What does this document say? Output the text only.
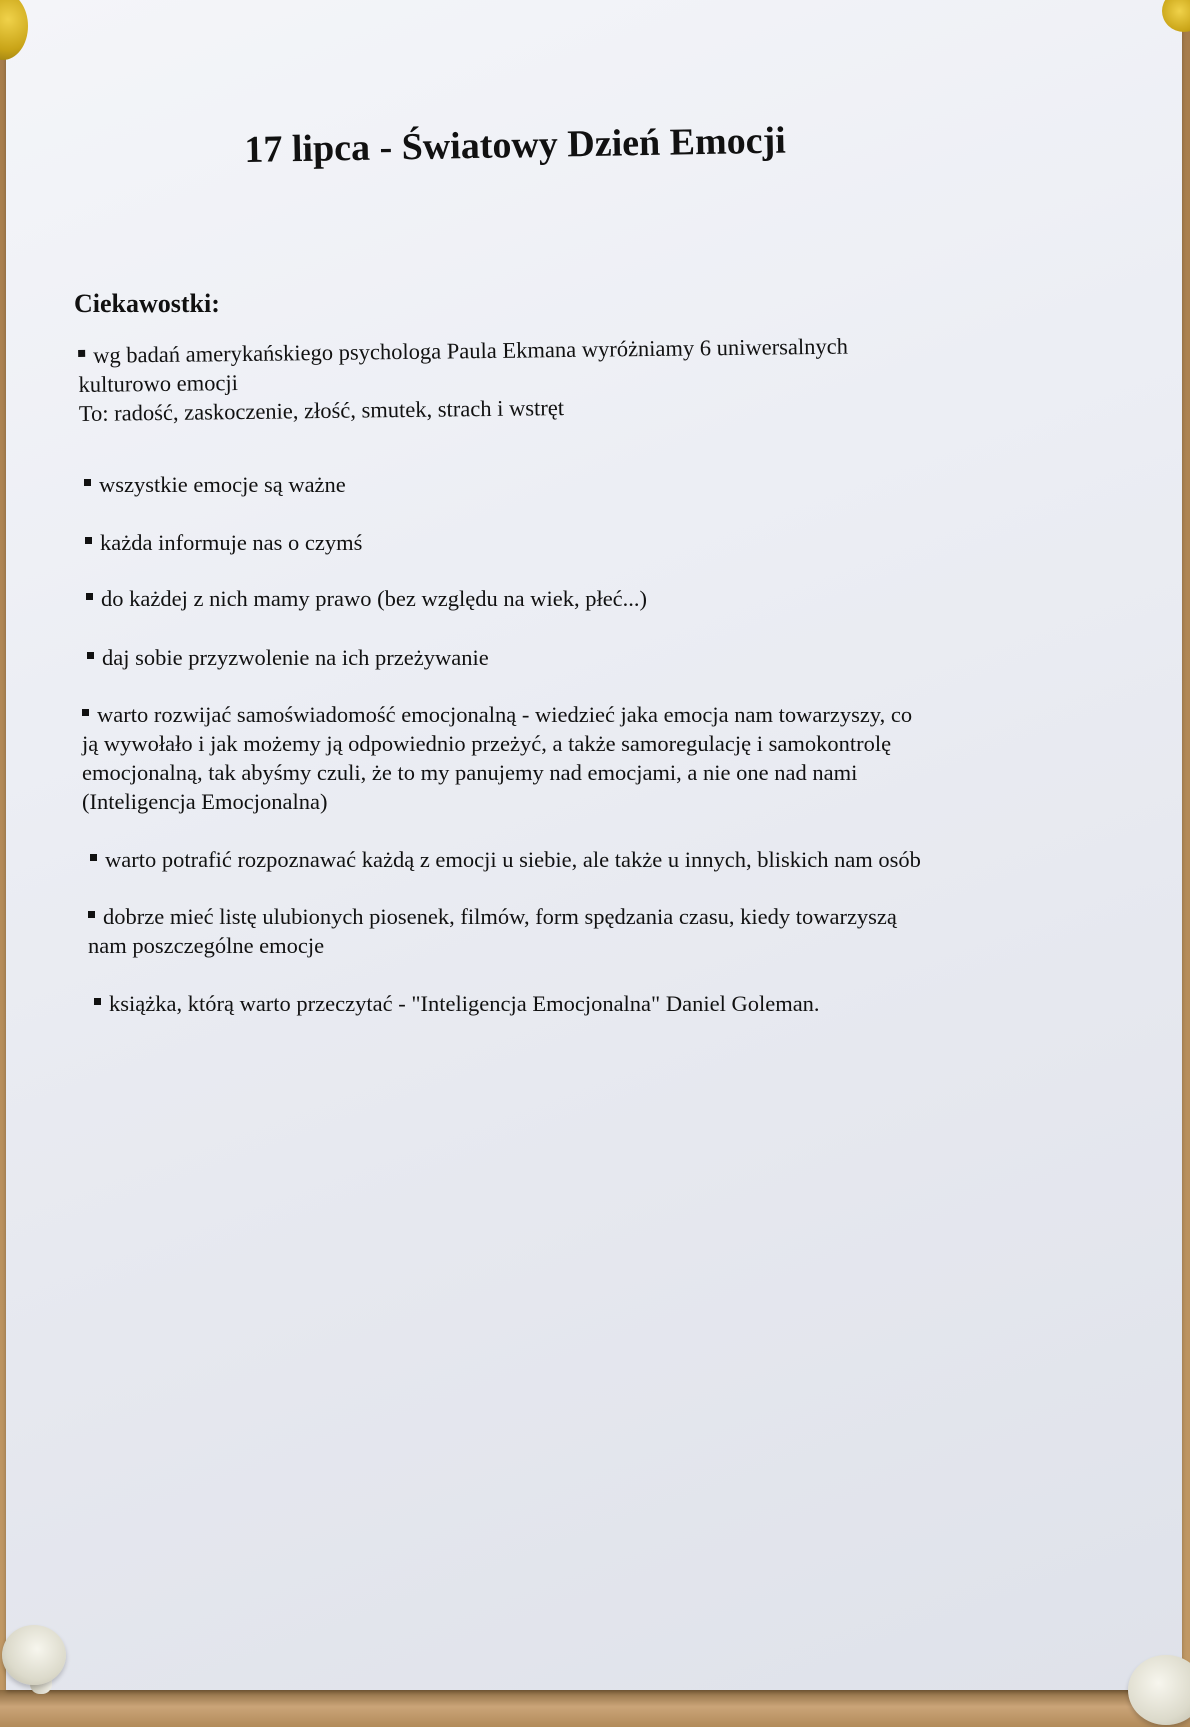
17 lipca - Światowy Dzień Emocji
Ciekawostki:
wg badań amerykańskiego psychologa Paula Ekmana wyróżniamy 6 uniwersalnych
kulturowo emocji
To: radość, zaskoczenie, złość, smutek, strach i wstręt
wszystkie emocje są ważne
każda informuje nas o czymś
do każdej z nich mamy prawo (bez względu na wiek, płeć...)
daj sobie przyzwolenie na ich przeżywanie
warto rozwijać samoświadomość emocjonalną - wiedzieć jaka emocja nam towarzyszy, co
ją wywołało i jak możemy ją odpowiednio przeżyć, a także samoregulację i samokontrolę
emocjonalną, tak abyśmy czuli, że to my panujemy nad emocjami, a nie one nad nami
(Inteligencja Emocjonalna)
warto potrafić rozpoznawać każdą z emocji u siebie, ale także u innych, bliskich nam osób
dobrze mieć listę ulubionych piosenek, filmów, form spędzania czasu, kiedy towarzyszą
nam poszczególne emocje
książka, którą warto przeczytać - "Inteligencja Emocjonalna" Daniel Goleman.
